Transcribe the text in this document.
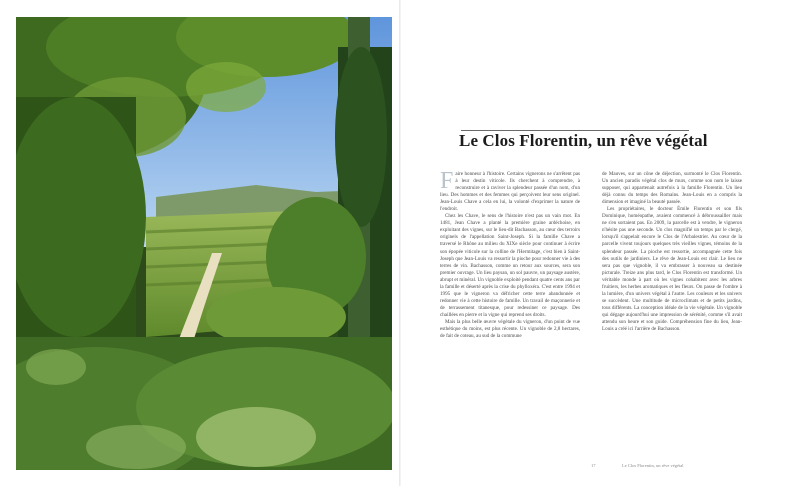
Le Clos Florentin, un rêve végétal

Faire honneur à l'histoire. Certains vignerons ne s'arrêtent pas à leur destin viticole. Ils cherchent à comprendre, à reconstruire et à raviver la splendeur passée d'un nom, d'un lieu. Des hommes et des femmes qui perçoivent leur sens originel. Jean-Louis Chave a cela en lui, la volonté d'exprimer la nature de l'endroit.

Chez les Chave, le sens de l'histoire n'est pas un vain mot. En 1481, Jean Chave a planté la première graine ardéchoise, en exploitant des vignes, sur le lieu-dit Bachasson, au cœur des terroirs originels de l'appellation Saint-Joseph. Si la famille Chave a traversé le Rhône au milieu du XIXe siècle pour continuer à écrire son épopée viticole sur la colline de l'Hermitage, c'est bien à Saint-Joseph que Jean-Louis va ressortir la pioche pour redonner vie à des terres de vin. Bachasson, comme un retour aux sources, sera son premier ouvrage. Un lieu paysan, un sol pauvre, un paysage austère, abrupt et minéral. Un vignoble exploité pendant quatre cents ans par la famille et déserté après la crise du phylloxéra. C'est entre 1994 et 1995 que le vigneron va défricher cette terre abandonnée et redonner vie à cette histoire de famille. Un travail de maçonnerie et de terrassement titanesque, pour redessiner ce paysage. Des chaillées en pierre et la vigne qui reprend ses droits.

Mais la plus belle œuvre végétale du vigneron, d'un point de vue esthétique du moins, est plus récente. Un vignoble de 2,8 hectares, de fait de coteau, au sud de la commune

de Mauves, sur un cône de déjection, surmonté le Clos Florentin. Un ancien paradis végétal clos de murs, comme son nom le laisse supposer, qui appartenait autrefois à la famille Florentin. Un lieu déjà connu du temps des Romains. Jean-Louis en a compris la dimension et imaginé la beauté passée.

Les propriétaires, le docteur Émile Florentin et son fils Dominique, homéopathe, avaient commencé à débroussailler mais ne s'en sortaient pas. En 2009, la parcelle est à vendre, le vigneron n'hésite pas une seconde. Un clos magnifié un temps par le clergé, lorsqu'il s'appelait encore le Clos de l'Arbalestrier. Au cœur de la parcelle vivent toujours quelques très vieilles vignes, témoins de la splendeur passée. La pioche est ressortie, accompagnée cette fois des outils de jardiniers. Le rêve de Jean-Louis est clair. Le lieu ne sera pas que vignoble, il va embrasser à nouveau sa destinée picturale. Treize ans plus tard, le Clos Florentin est transformé. Un véritable monde à part où les vignes cohabitent avec les arbres fruitiers, les herbes aromatiques et les fleurs. On passe de l'ombre à la lumière, d'un univers végétal à l'autre. Les couleurs et les univers se succèdent. Une multitude de microclimats et de petits jardins, tous différents. La conception idéale de la vie végétale. Un vignoble qui dégage aujourd'hui une impression de sérénité, comme s'il avait attendu son heure et son guide. Compréhension fine du lieu, Jean-Louis a créé ici l'arrière de Bachasson.

17	Le Clos Florentin, un rêve végétal
